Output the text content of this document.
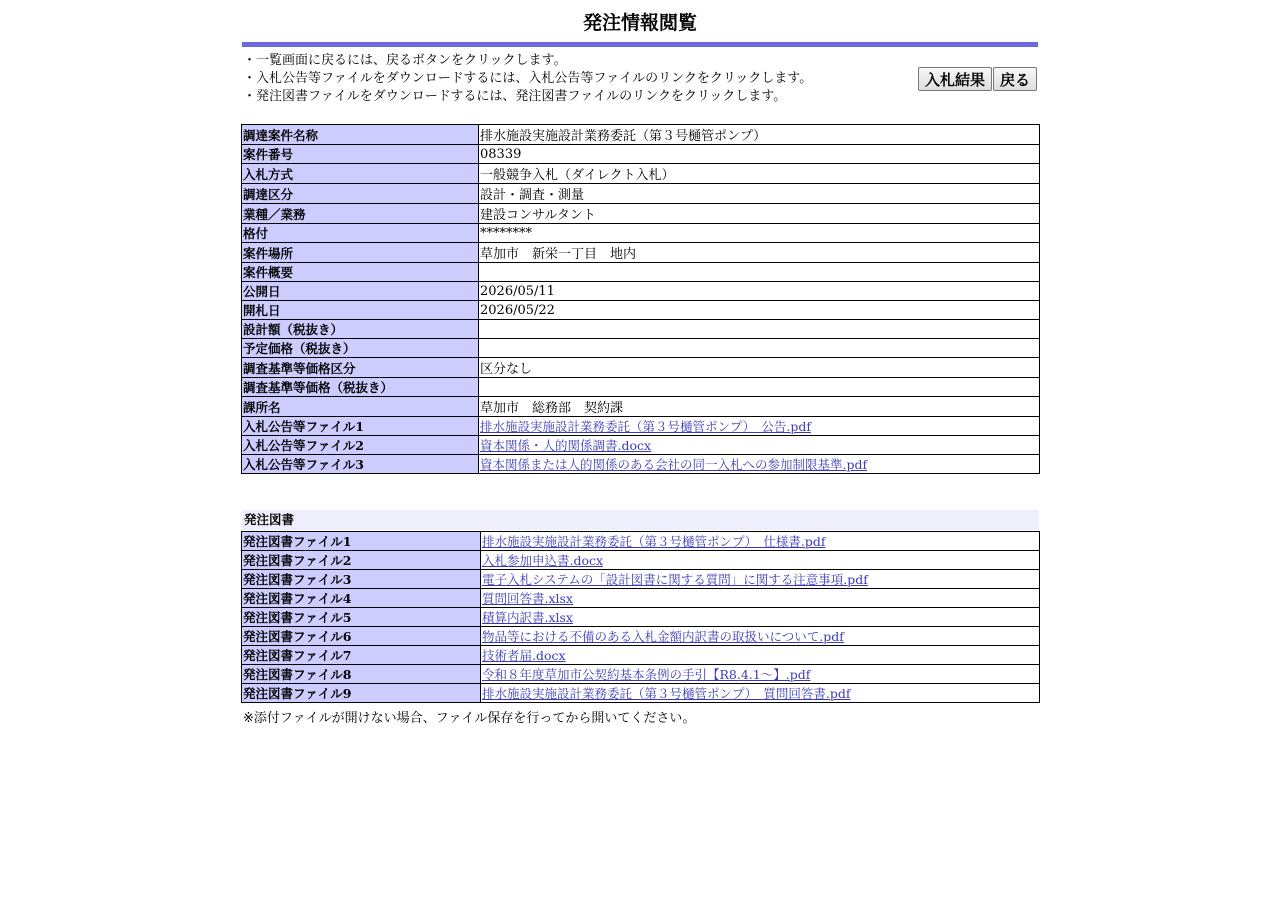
発注情報閲覧
・一覧画面に戻るには、戻るボタンをクリックします。
・入札公告等ファイルをダウンロードするには、入札公告等ファイルのリンクをクリックします。
・発注図書ファイルをダウンロードするには、発注図書ファイルのリンクをクリックします。
入札結果 戻る
調達案件名称	排水施設実施設計業務委託（第３号樋管ポンプ）
案件番号	08339
入札方式	一般競争入札（ダイレクト入札）
調達区分	設計・調査・測量
業種／業務	建設コンサルタント
格付	********
案件場所	草加市　新栄一丁目　地内
案件概要	
公開日	2026/05/11
開札日	2026/05/22
設計額（税抜き）	
予定価格（税抜き）	
調査基準等価格区分	区分なし
調査基準等価格（税抜き）	
課所名	草加市　総務部　契約課
入札公告等ファイル1	排水施設実施設計業務委託（第３号樋管ポンプ）　公告.pdf
入札公告等ファイル2	資本関係・人的関係調書.docx
入札公告等ファイル3	資本関係または人的関係のある会社の同一入札への参加制限基準.pdf
発注図書
発注図書ファイル1	排水施設実施設計業務委託（第３号樋管ポンプ）　仕様書.pdf
発注図書ファイル2	入札参加申込書.docx
発注図書ファイル3	電子入札システムの「設計図書に関する質問」に関する注意事項.pdf
発注図書ファイル4	質問回答書.xlsx
発注図書ファイル5	積算内訳書.xlsx
発注図書ファイル6	物品等における不備のある入札金額内訳書の取扱いについて.pdf
発注図書ファイル7	技術者届.docx
発注図書ファイル8	令和８年度草加市公契約基本条例の手引【R8.4.1～】.pdf
発注図書ファイル9	排水施設実施設計業務委託（第３号樋管ポンプ）　質問回答書.pdf
※添付ファイルが開けない場合、ファイル保存を行ってから開いてください。
